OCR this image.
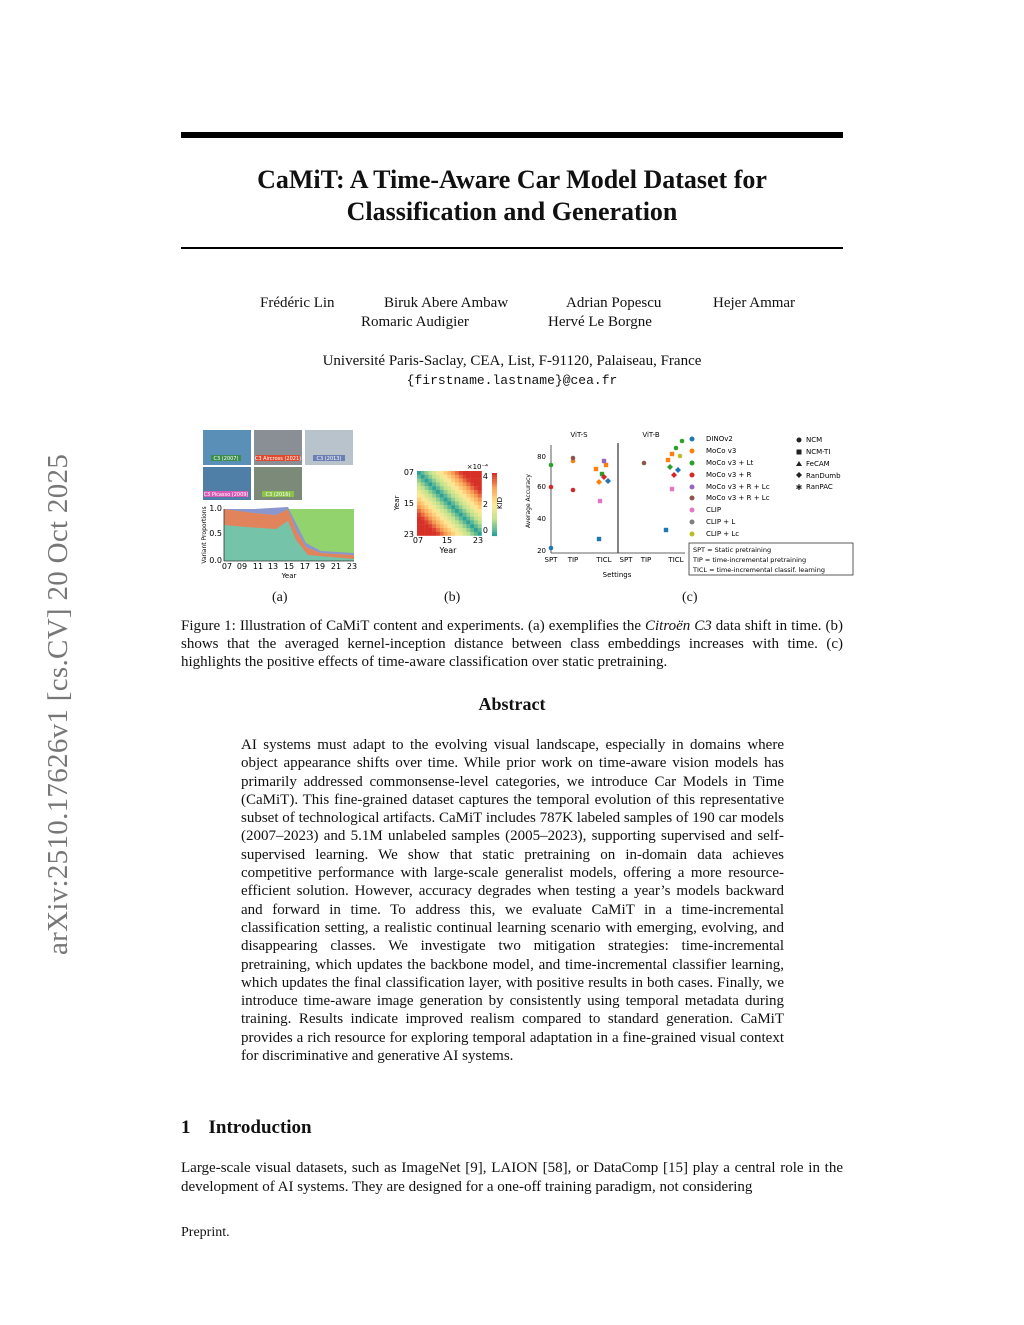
arXiv:2510.17626v1 [cs.CV] 20 Oct 2025
CaMiT: A Time-Aware Car Model Dataset for
Classification and Generation
Frédéric Lin	Biruk Abere Ambaw	Adrian Popescu	Hejer Ammar
Romaric Audigier	Hervé Le Borgne
Université Paris-Saclay, CEA, List, F-91120, Palaiseau, France
{firstname.lastname}@cea.fr
C3 (2007)	C3 Aircross (2021)	C3 (2013)
C3 Picasso (2009)	C3 (2016)
1.0
0.5
0.0
Variant Proportions
07 09 11 13 15 17 19 21 23
Year
07
15
23
Year
07 15	23
Year
×10⁻⁴
4
2
0
KID
ViT-S	ViT-B
80
60
40
20
Average Accuracy
SPT TIP	TICL SPT TIP TICL
Settings
DINOv2
MoCo v3
MoCo v3 + Lt
MoCo v3 + R
MoCo v3 + R + Lc
MoCo v3 + R + Lc
CLIP
CLIP + L
CLIP + Lc
NCM
NCM-TI
FeCAM
RanDumb
✱ RanPAC
SPT = Static pretraining
TIP = time-incremental pretraining
TICL = time-incremental classif. learning
(a)	(b)	(c)
Figure 1: Illustration of CaMiT content and experiments. (a) exemplifies the Citroën C3 data shift in time. (b) shows that the averaged kernel-inception distance between class embeddings increases with time. (c) highlights the positive effects of time-aware classification over static pretraining.
Abstract
AI systems must adapt to the evolving visual landscape, especially in domains where object appearance shifts over time. While prior work on time-aware vision models has primarily addressed commonsense-level categories, we introduce Car Models in Time (CaMiT). This fine-grained dataset captures the temporal evolution of this representative subset of technological artifacts. CaMiT includes 787K labeled samples of 190 car models (2007–2023) and 5.1M unlabeled samples (2005–2023), supporting supervised and self-supervised learning. We show that static pretraining on in-domain data achieves competitive performance with large-scale generalist models, offering a more resource-efficient solution. However, accuracy degrades when testing a year’s models backward and forward in time. To address this, we evaluate CaMiT in a time-incremental classification setting, a realistic continual learning scenario with emerging, evolving, and disappearing classes. We investigate two mitigation strategies: time-incremental pretraining, which updates the backbone model, and time-incremental classifier learning, which updates the final classification layer, with positive results in both cases. Finally, we introduce time-aware image generation by consistently using temporal metadata during training. Results indicate improved realism compared to standard generation. CaMiT provides a rich resource for exploring temporal adaptation in a fine-grained visual context for discriminative and generative AI systems.
1 Introduction
Large-scale visual datasets, such as ImageNet [9], LAION [58], or DataComp [15] play a central role in the development of AI systems. They are designed for a one-off training paradigm, not considering
Preprint.
